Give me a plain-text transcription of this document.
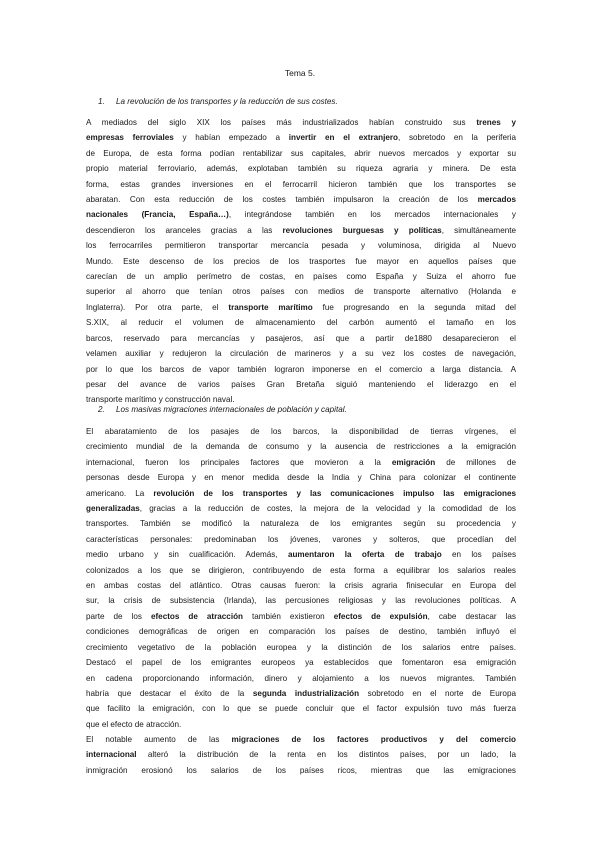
Tema 5.
1. La revolución de los transportes y la reducción de sus costes.
A mediados del siglo XIX los países más industrializados habían construido sus trenes y
empresas ferroviales y habían empezado a invertir en el extranjero, sobretodo en la periferia
de Europa, de esta forma podían rentabilizar sus capitales, abrir nuevos mercados y exportar su
propio material ferroviario, además, explotaban también su riqueza agraria y minera. De esta
forma, estas grandes inversiones en el ferrocarril hicieron también que los transportes se
abaratan. Con esta reducción de los costes también impulsaron la creación de los mercados
nacionales (Francia, España…), integrándose también en los mercados internacionales y
descendieron los aranceles gracias a las revoluciones burguesas y políticas, simultáneamente
los ferrocarriles permitieron transportar mercancía pesada y voluminosa, dirigida al Nuevo
Mundo. Este descenso de los precios de los trasportes fue mayor en aquellos países que
carecían de un amplio perímetro de costas, en países como España y Suiza el ahorro fue
superior al ahorro que tenían otros países con medios de transporte alternativo (Holanda e
Inglaterra). Por otra parte, el transporte marítimo fue progresando en la segunda mitad del
S.XIX, al reducir el volumen de almacenamiento del carbón aumentó el tamaño en los
barcos, reservado para mercancías y pasajeros, así que a partir de1880 desaparecieron el
velamen auxiliar y redujeron la circulación de marineros y a su vez los costes de navegación,
por lo que los barcos de vapor también lograron imponerse en el comercio a larga distancia. A
pesar del avance de varios países Gran Bretaña siguió manteniendo el liderazgo en el
transporte marítimo y construcción naval.
2. Los masivas migraciones internacionales de población y capital.
El abaratamiento de los pasajes de los barcos, la disponibilidad de tierras vírgenes, el
crecimiento mundial de la demanda de consumo y la ausencia de restricciones a la emigración
internacional, fueron los principales factores que movieron a la emigración de millones de
personas desde Europa y en menor medida desde la India y China para colonizar el continente
americano. La revolución de los transportes y las comunicaciones impulso las emigraciones
generalizadas, gracias a la reducción de costes, la mejora de la velocidad y la comodidad de los
transportes. También se modificó la naturaleza de los emigrantes según su procedencia y
características personales: predominaban los jóvenes, varones y solteros, que procedían del
medio urbano y sin cualificación. Además, aumentaron la oferta de trabajo en los países
colonizados a los que se dirigieron, contribuyendo de esta forma a equilibrar los salarios reales
en ambas costas del atlántico. Otras causas fueron: la crisis agraria finisecular en Europa del
sur, la crisis de subsistencia (Irlanda), las percusiones religiosas y las revoluciones políticas. A
parte de los efectos de atracción también existieron efectos de expulsión, cabe destacar las
condiciones demográficas de origen en comparación los países de destino, también influyó el
crecimiento vegetativo de la población europea y la distinción de los salarios entre países.
Destacó el papel de los emigrantes europeos ya establecidos que fomentaron esa emigración
en cadena proporcionando información, dinero y alojamiento a los nuevos migrantes. También
habría que destacar el éxito de la segunda industrialización sobretodo en el norte de Europa
que facilito la emigración, con lo que se puede concluir que el factor expulsión tuvo más fuerza
que el efecto de atracción.
El notable aumento de las migraciones de los factores productivos y del comercio
internacional alteró la distribución de la renta en los distintos países, por un lado, la
inmigración erosionó los salarios de los países ricos, mientras que las emigraciones
